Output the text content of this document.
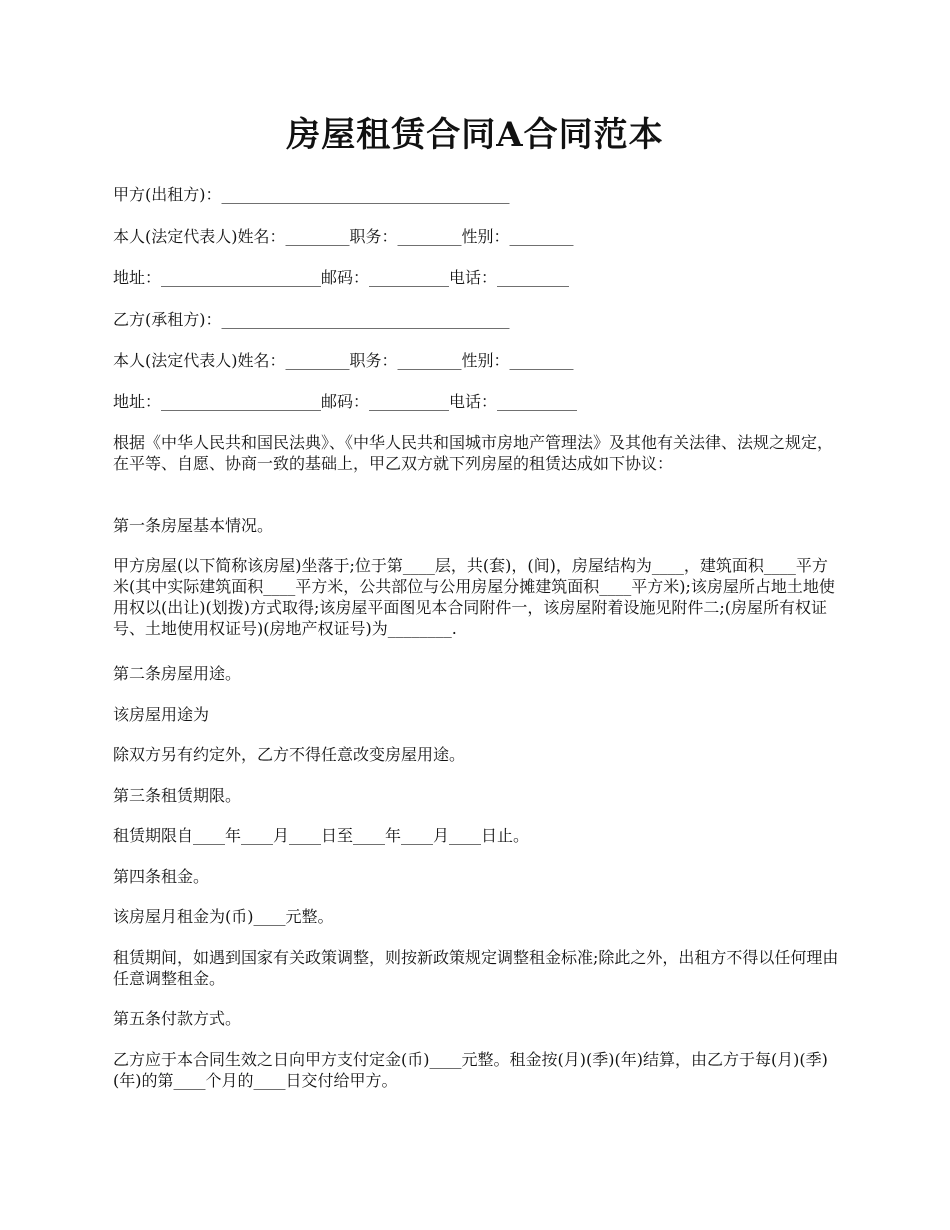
房屋租赁合同A合同范本
甲方(出租方)：____________________________________
本人(法定代表人)姓名：________职务：________性别：________
地址：____________________邮码：__________电话：_________
乙方(承租方)：____________________________________
本人(法定代表人)姓名：________职务：________性别：________
地址：____________________邮码：__________电话：__________
根据《中华人民共和国民法典》、《中华人民共和国城市房地产管理法》及其他有关法律、法规之规定，在平等、自愿、协商一致的基础上，甲乙双方就下列房屋的租赁达成如下协议：
第一条房屋基本情况。
甲方房屋(以下简称该房屋)坐落于;位于第____层，共(套)，(间)，房屋结构为____，建筑面积____平方米(其中实际建筑面积____平方米，公共部位与公用房屋分摊建筑面积____平方米);该房屋所占地土地使用权以(出让)(划拨)方式取得;该房屋平面图见本合同附件一，该房屋附着设施见附件二;(房屋所有权证号、土地使用权证号)(房地产权证号)为________.
第二条房屋用途。
该房屋用途为
除双方另有约定外，乙方不得任意改变房屋用途。
第三条租赁期限。
租赁期限自____年____月____日至____年____月____日止。
第四条租金。
该房屋月租金为(币)____元整。
租赁期间，如遇到国家有关政策调整，则按新政策规定调整租金标准;除此之外，出租方不得以任何理由任意调整租金。
第五条付款方式。
乙方应于本合同生效之日向甲方支付定金(币)____元整。租金按(月)(季)(年)结算，由乙方于每(月)(季)(年)的第____个月的____日交付给甲方。
